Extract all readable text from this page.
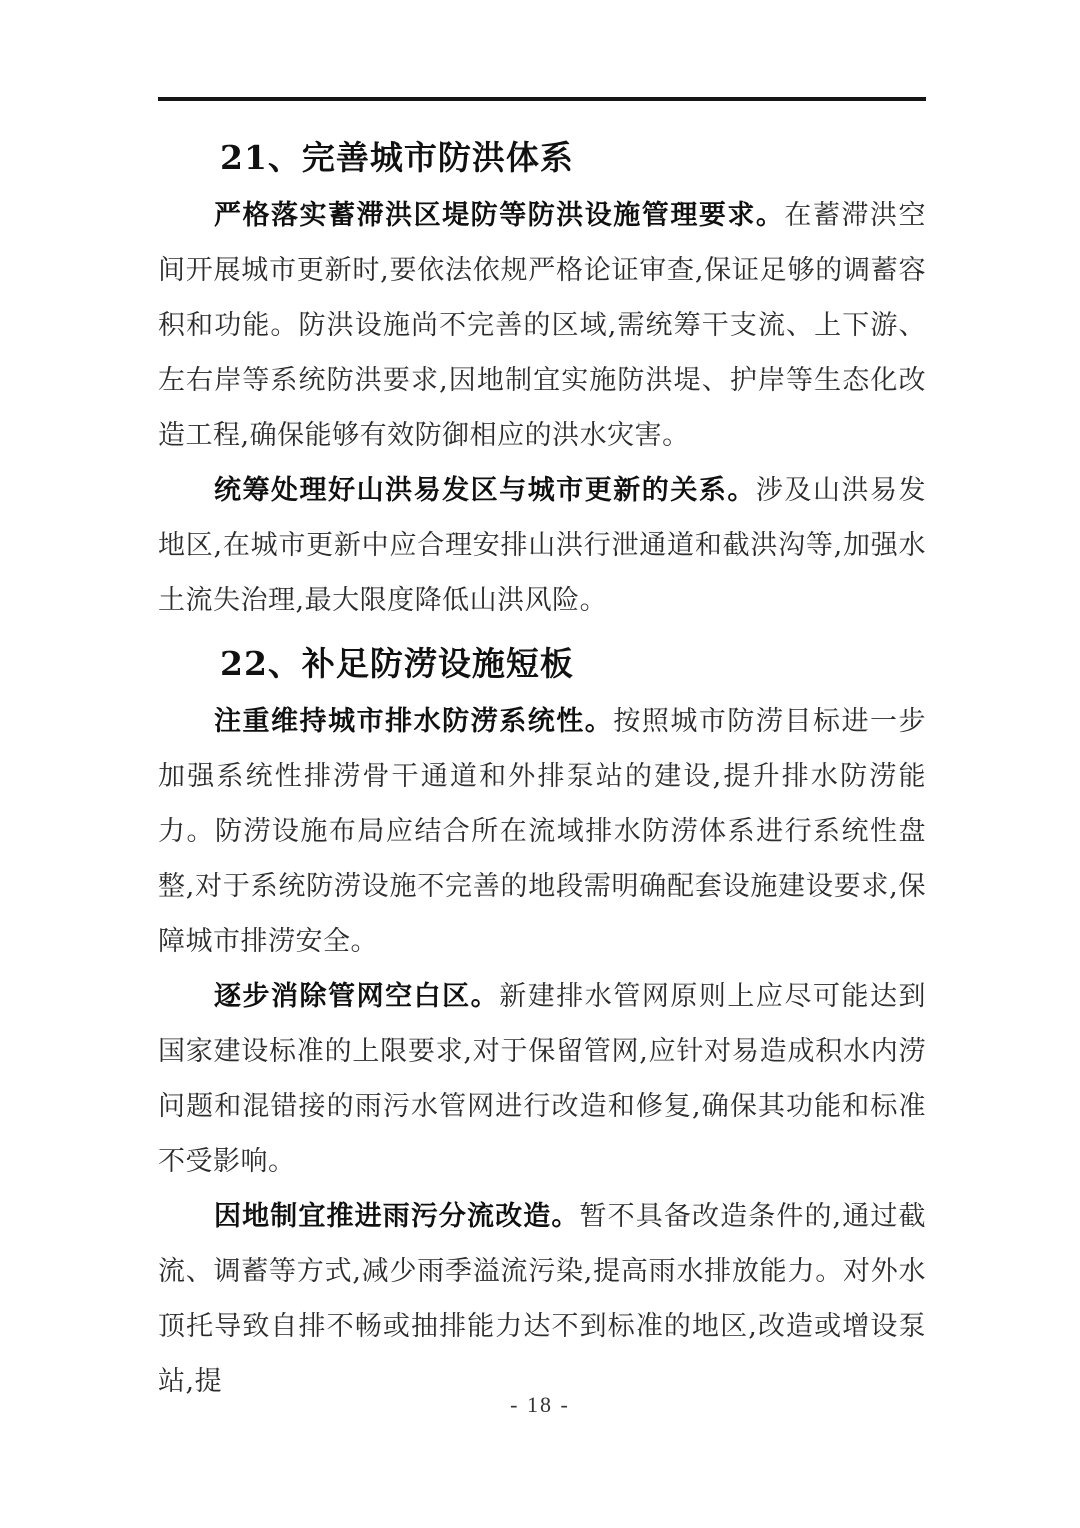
21、完善城市防洪体系

严格落实蓄滞洪区堤防等防洪设施管理要求。在蓄滞洪空间开展城市更新时,要依法依规严格论证审查,保证足够的调蓄容积和功能。防洪设施尚不完善的区域,需统筹干支流、上下游、左右岸等系统防洪要求,因地制宜实施防洪堤、护岸等生态化改造工程,确保能够有效防御相应的洪水灾害。

统筹处理好山洪易发区与城市更新的关系。涉及山洪易发地区,在城市更新中应合理安排山洪行泄通道和截洪沟等,加强水土流失治理,最大限度降低山洪风险。

22、补足防涝设施短板

注重维持城市排水防涝系统性。按照城市防涝目标进一步加强系统性排涝骨干通道和外排泵站的建设,提升排水防涝能力。防涝设施布局应结合所在流域排水防涝体系进行系统性盘整,对于系统防涝设施不完善的地段需明确配套设施建设要求,保障城市排涝安全。

逐步消除管网空白区。新建排水管网原则上应尽可能达到国家建设标准的上限要求,对于保留管网,应针对易造成积水内涝问题和混错接的雨污水管网进行改造和修复,确保其功能和标准不受影响。

因地制宜推进雨污分流改造。暂不具备改造条件的,通过截流、调蓄等方式,减少雨季溢流污染,提高雨水排放能力。对外水顶托导致自排不畅或抽排能力达不到标准的地区,改造或增设泵站,提

- 18 -
